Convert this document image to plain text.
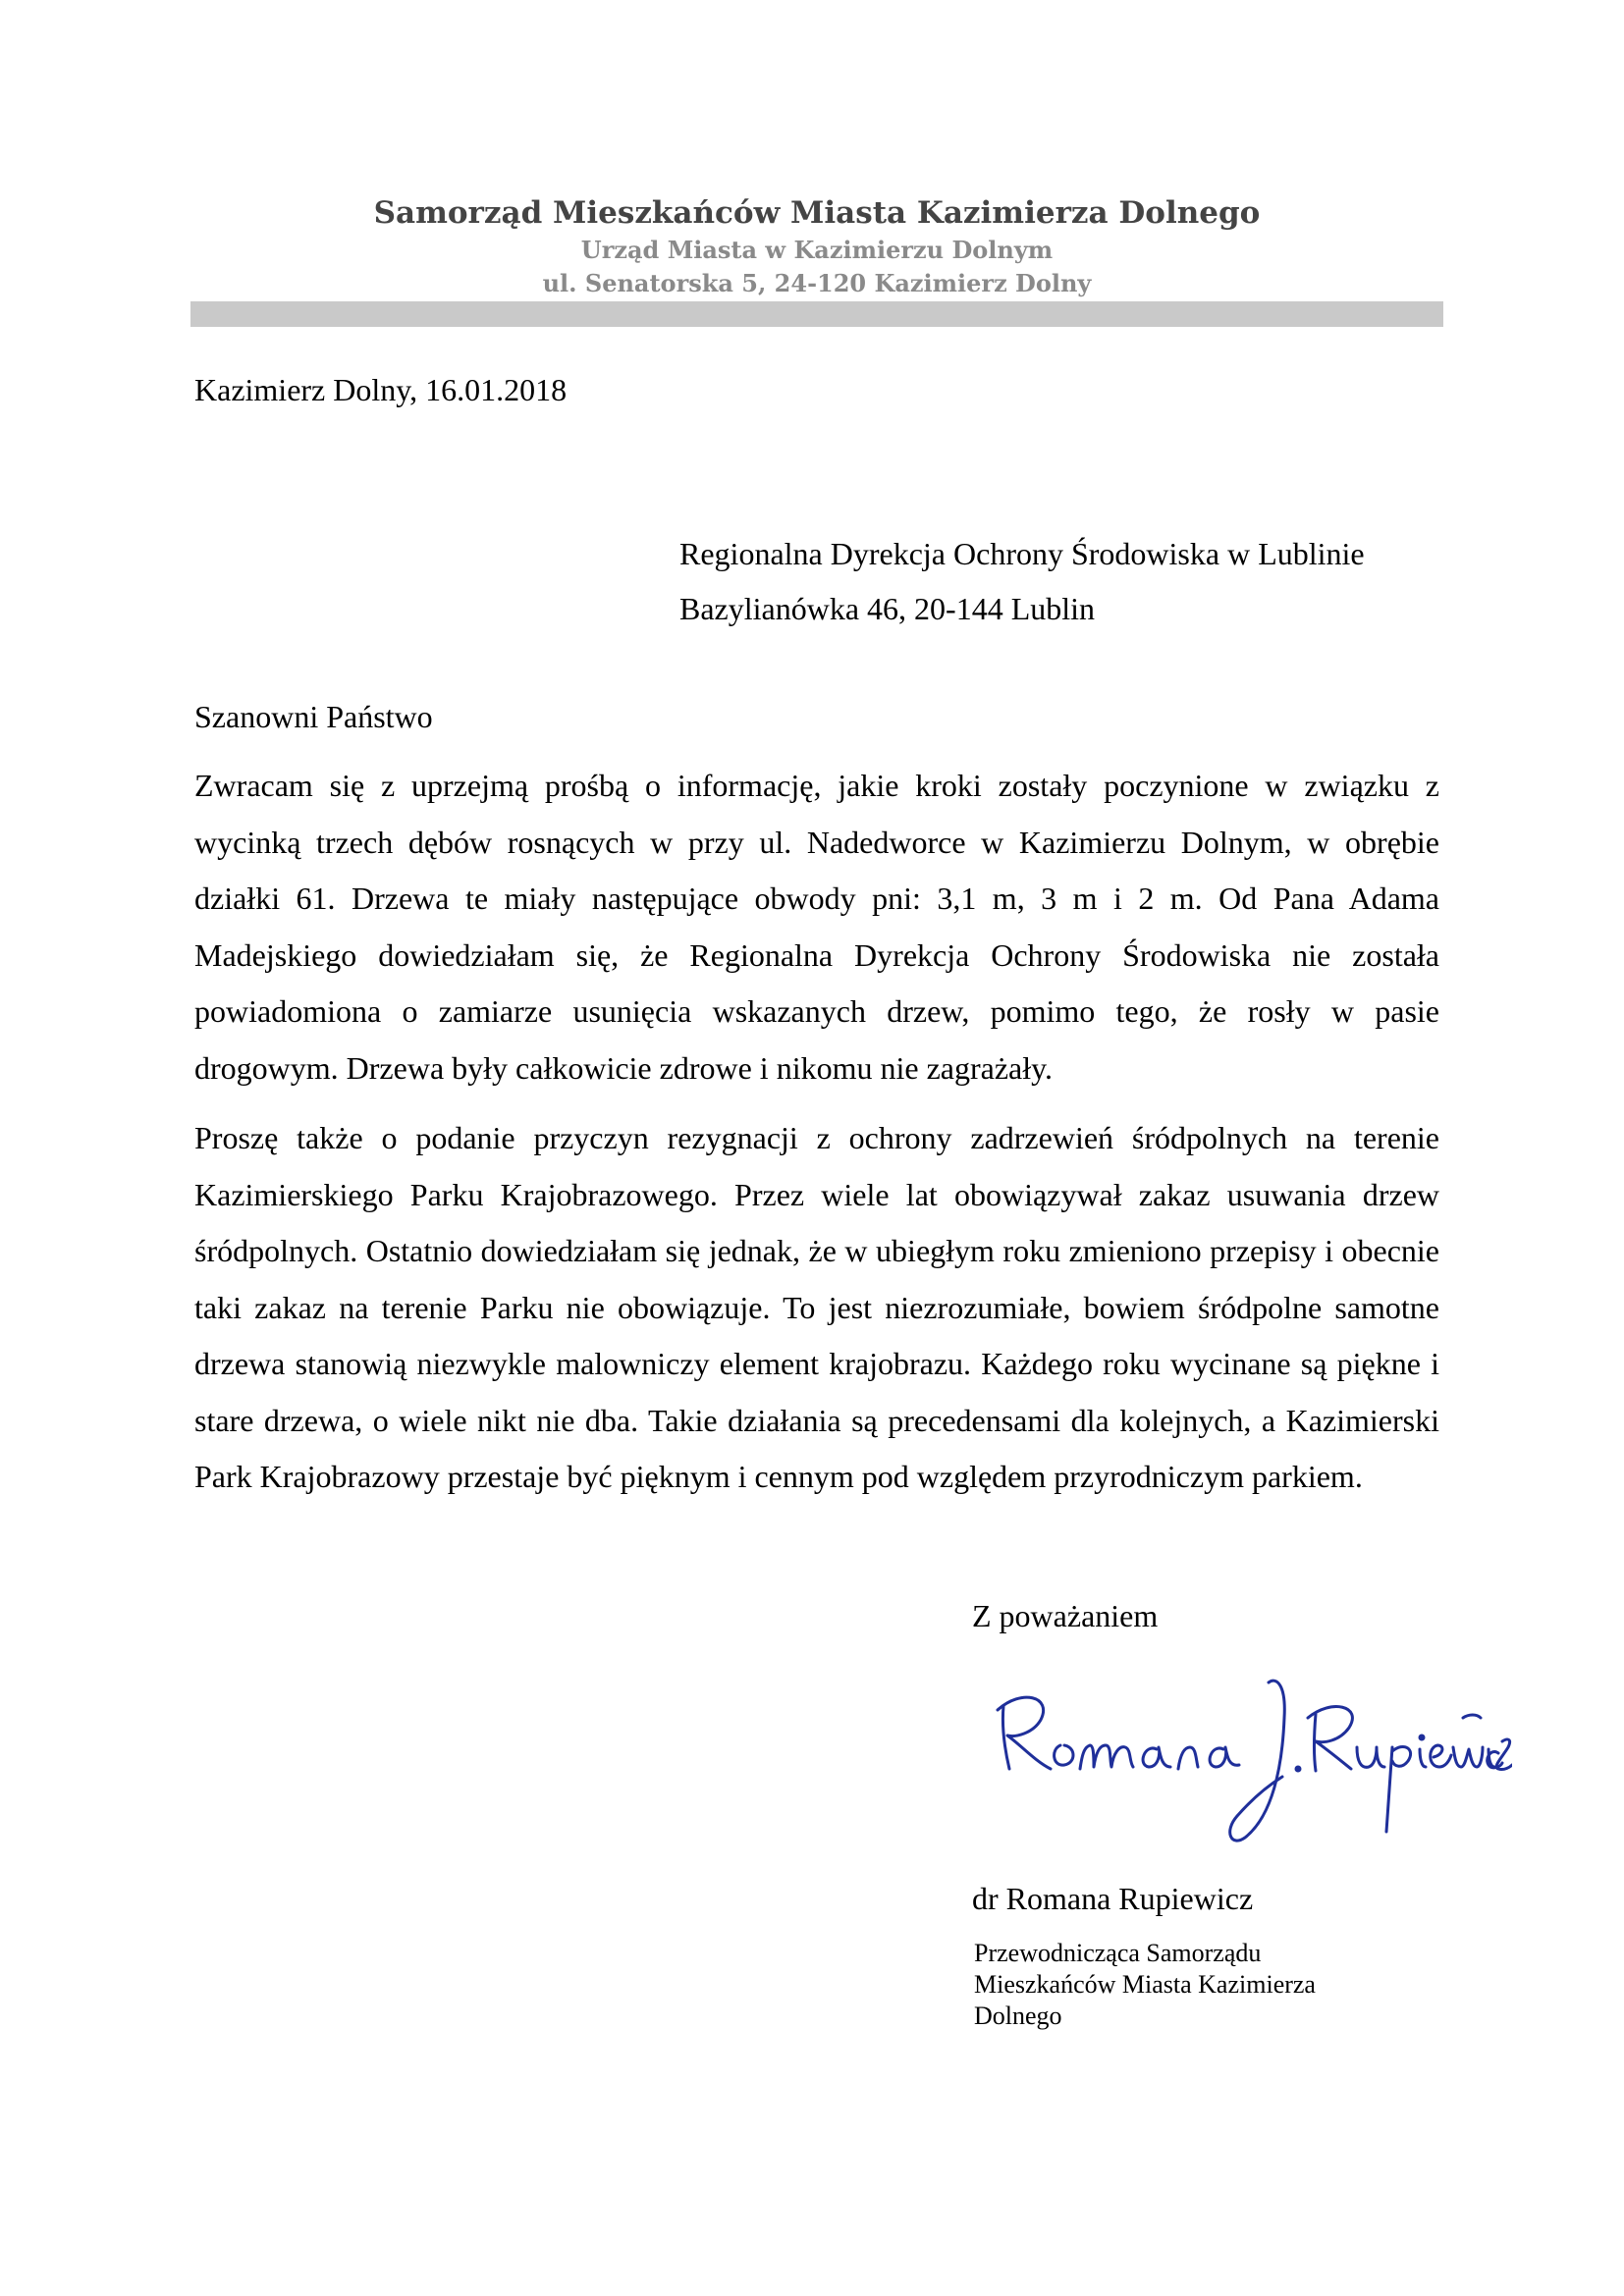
Samorząd Mieszkańców Miasta Kazimierza Dolnego
Urząd Miasta w Kazimierzu Dolnym
ul. Senatorska 5, 24-120 Kazimierz Dolny
Kazimierz Dolny, 16.01.2018
Regionalna Dyrekcja Ochrony Środowiska w Lublinie
Bazylianówka 46, 20-144 Lublin
Szanowni Państwo

Zwracam się z uprzejmą prośbą o informację, jakie kroki zostały poczynione w związku z wycinką trzech dębów rosnących w przy ul. Nadedworce w Kazimierzu Dolnym, w obrębie działki 61. Drzewa te miały następujące obwody pni: 3,1 m, 3 m i 2 m. Od Pana Adama Madejskiego dowiedziałam się, że Regionalna Dyrekcja Ochrony Środowiska nie została powiadomiona o zamiarze usunięcia wskazanych drzew, pomimo tego, że rosły w pasie drogowym. Drzewa były całkowicie zdrowe i nikomu nie zagrażały.

Proszę także o podanie przyczyn rezygnacji z ochrony zadrzewień śródpolnych na terenie Kazimierskiego Parku Krajobrazowego. Przez wiele lat obowiązywał zakaz usuwania drzew śródpolnych. Ostatnio dowiedziałam się jednak, że w ubiegłym roku zmieniono przepisy i obecnie taki zakaz na terenie Parku nie obowiązuje. To jest niezrozumiałe, bowiem śródpolne samotne drzewa stanowią niezwykle malowniczy element krajobrazu. Każdego roku wycinane są piękne i stare drzewa, o wiele nikt nie dba. Takie działania są precedensami dla kolejnych, a Kazimierski Park Krajobrazowy przestaje być pięknym i cennym pod względem przyrodniczym parkiem.

Z poważaniem
dr Romana Rupiewicz
Przewodnicząca Samorządu
Mieszkańców Miasta Kazimierza
Dolnego
